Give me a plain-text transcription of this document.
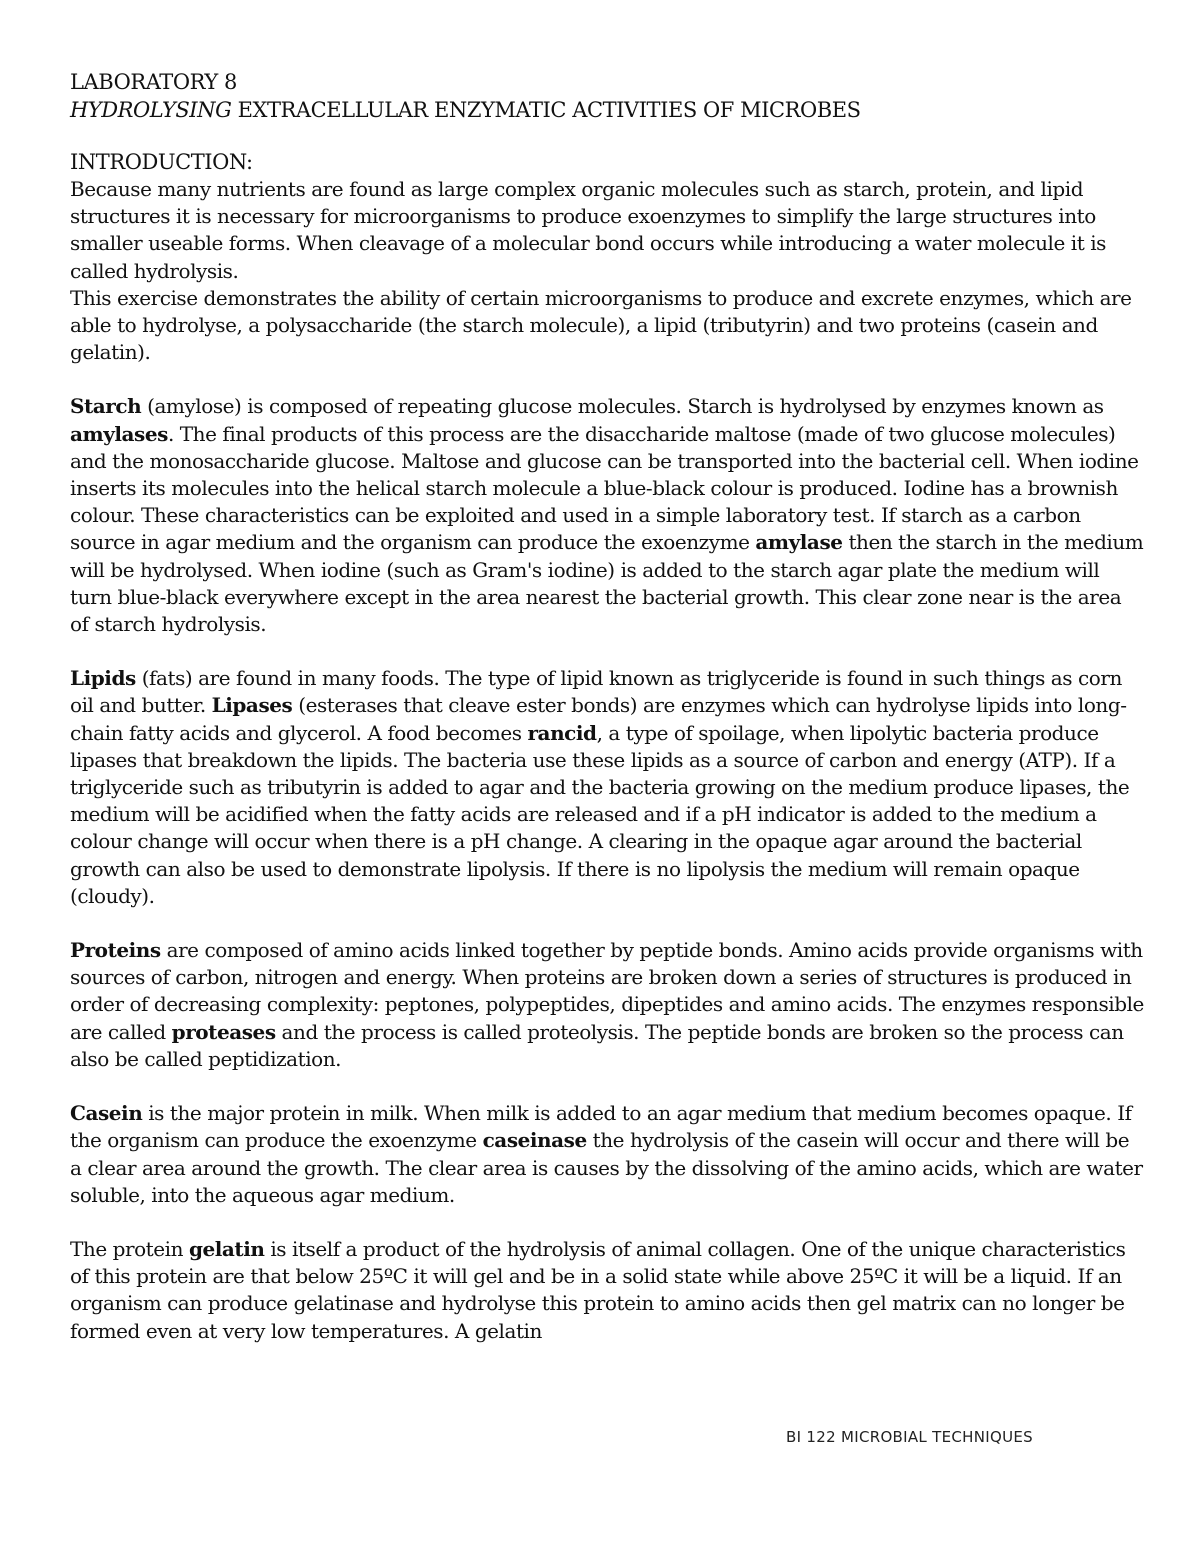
LABORATORY 8

HYDROLYSING EXTRACELLULAR ENZYMATIC ACTIVITIES OF MICROBES

INTRODUCTION:

Because many nutrients are found as large complex organic molecules such as starch, protein, and lipid structures it is necessary for microorganisms to produce exoenzymes to simplify the large structures into smaller useable forms. When cleavage of a molecular bond occurs while introducing a water molecule it is called hydrolysis.

This exercise demonstrates the ability of certain microorganisms to produce and excrete enzymes, which are able to hydrolyse, a polysaccharide (the starch molecule), a lipid (tributyrin) and two proteins (casein and gelatin).

Starch (amylose) is composed of repeating glucose molecules. Starch is hydrolysed by enzymes known as amylases. The final products of this process are the disaccharide maltose (made of two glucose molecules) and the monosaccharide glucose. Maltose and glucose can be transported into the bacterial cell. When iodine inserts its molecules into the helical starch molecule a blue-black colour is produced. Iodine has a brownish colour. These characteristics can be exploited and used in a simple laboratory test. If starch as a carbon source in agar medium and the organism can produce the exoenzyme amylase then the starch in the medium will be hydrolysed. When iodine (such as Gram's iodine) is added to the starch agar plate the medium will turn blue-black everywhere except in the area nearest the bacterial growth. This clear zone near is the area of starch hydrolysis.

Lipids (fats) are found in many foods. The type of lipid known as triglyceride is found in such things as corn oil and butter. Lipases (esterases that cleave ester bonds) are enzymes which can hydrolyse lipids into long-chain fatty acids and glycerol. A food becomes rancid, a type of spoilage, when lipolytic bacteria produce lipases that breakdown the lipids. The bacteria use these lipids as a source of carbon and energy (ATP). If a triglyceride such as tributyrin is added to agar and the bacteria growing on the medium produce lipases, the medium will be acidified when the fatty acids are released and if a pH indicator is added to the medium a colour change will occur when there is a pH change. A clearing in the opaque agar around the bacterial growth can also be used to demonstrate lipolysis. If there is no lipolysis the medium will remain opaque (cloudy).

Proteins are composed of amino acids linked together by peptide bonds. Amino acids provide organisms with sources of carbon, nitrogen and energy. When proteins are broken down a series of structures is produced in order of decreasing complexity: peptones, polypeptides, dipeptides and amino acids. The enzymes responsible are called proteases and the process is called proteolysis. The peptide bonds are broken so the process can also be called peptidization.

Casein is the major protein in milk. When milk is added to an agar medium that medium becomes opaque. If the organism can produce the exoenzyme caseinase the hydrolysis of the casein will occur and there will be a clear area around the growth. The clear area is causes by the dissolving of the amino acids, which are water soluble, into the aqueous agar medium.

The protein gelatin is itself a product of the hydrolysis of animal collagen. One of the unique characteristics of this protein are that below 25ºC it will gel and be in a solid state while above 25ºC it will be a liquid. If an organism can produce gelatinase and hydrolyse this protein to amino acids then gel matrix can no longer be formed even at very low temperatures. A gelatin

BI 122 MICROBIAL TECHNIQUES
